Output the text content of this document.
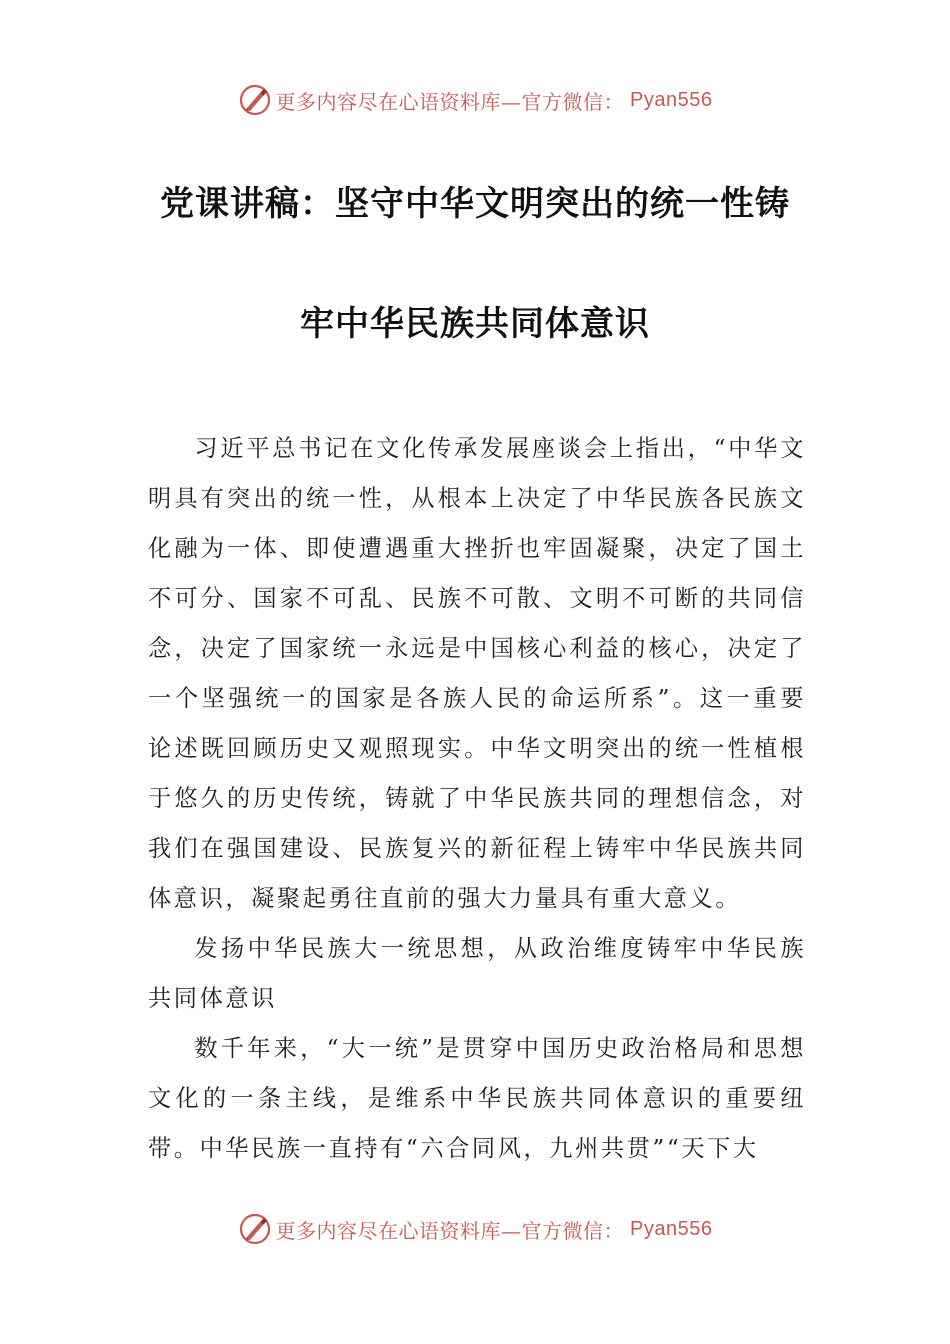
更多内容尽在心语资料库—官方微信： Pyan556
党课讲稿：坚守中华文明突出的统一性铸
牢中华民族共同体意识

习近平总书记在文化传承发展座谈会上指出，“中华文明具有突出的统一性，从根本上决定了中华民族各民族文化融为一体、即使遭遇重大挫折也牢固凝聚，决定了国土不可分、国家不可乱、民族不可散、文明不可断的共同信念，决定了国家统一永远是中国核心利益的核心，决定了一个坚强统一的国家是各族人民的命运所系”。这一重要论述既回顾历史又观照现实。中华文明突出的统一性植根于悠久的历史传统，铸就了中华民族共同的理想信念，对我们在强国建设、民族复兴的新征程上铸牢中华民族共同体意识，凝聚起勇往直前的强大力量具有重大意义。

发扬中华民族大一统思想，从政治维度铸牢中华民族共同体意识

数千年来，“大一统”是贯穿中国历史政治格局和思想文化的一条主线，是维系中华民族共同体意识的重要纽带。中华民族一直持有“六合同风，九州共贯”“天下大

更多内容尽在心语资料库—官方微信： Pyan556
